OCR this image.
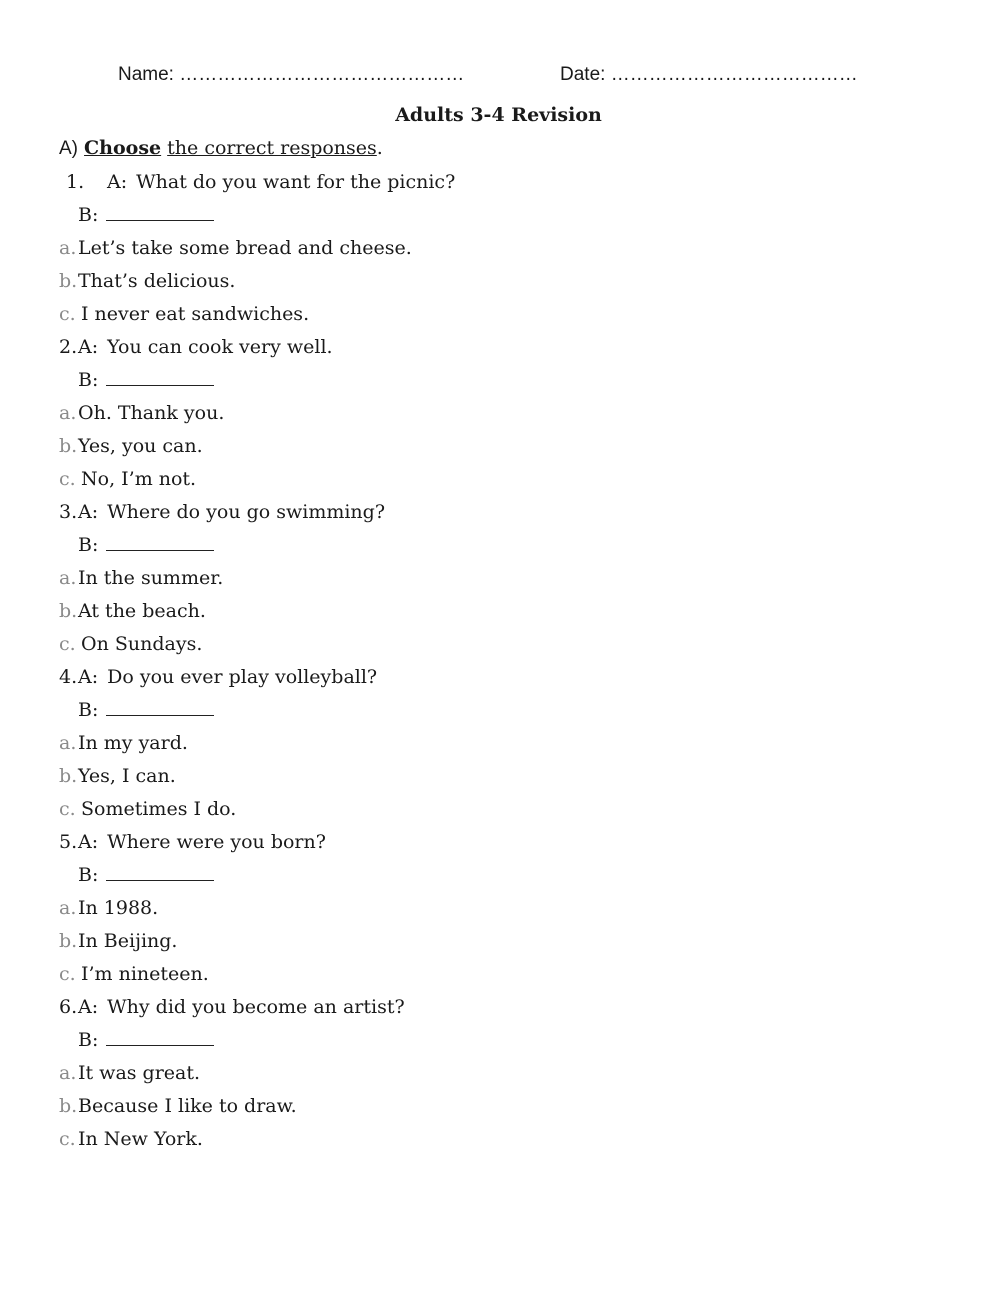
Name: ………………………………………	Date: …………………………………
Adults 3-4 Revision
A) Choose the correct responses.
1. A: What do you want for the picnic?
B:
a.Let’s take some bread and cheese.
b.That’s delicious.
c. I never eat sandwiches.
2.A: You can cook very well.
B:
a.Oh. Thank you.
b.Yes, you can.
c. No, I’m not.
3.A: Where do you go swimming?
B:
a.In the summer.
b.At the beach.
c. On Sundays.
4.A: Do you ever play volleyball?
B:
a.In my yard.
b.Yes, I can.
c. Sometimes I do.
5.A: Where were you born?
B:
a.In 1988.
b.In Beijing.
c. I’m nineteen.
6.A: Why did you become an artist?
B:
a.It was great.
b.Because I like to draw.
c. In New York.
